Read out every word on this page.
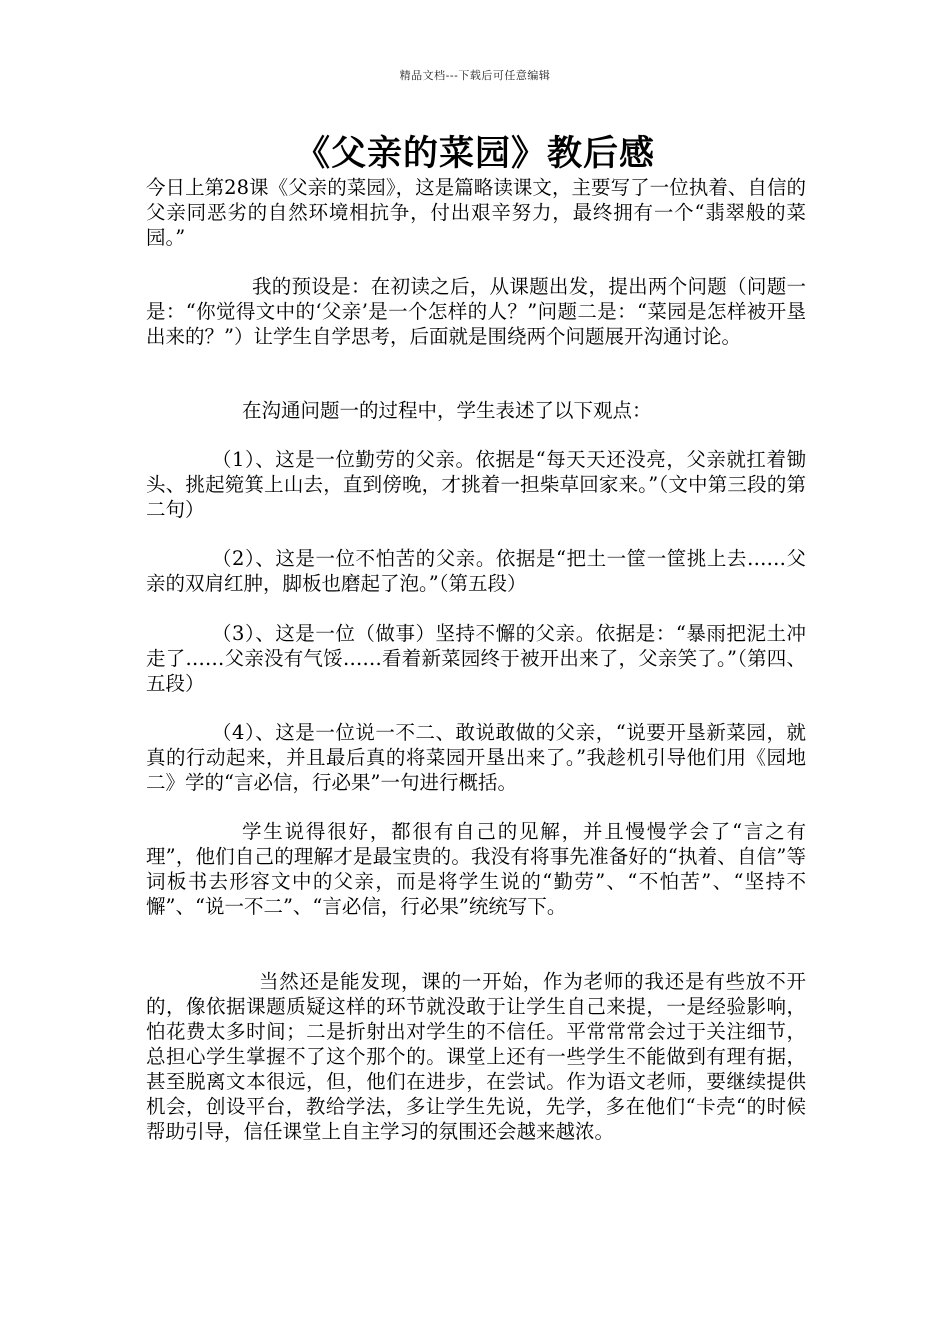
精品文档---下载后可任意编辑
《父亲的菜园》教后感

今日上第28课《父亲的菜园》，这是篇略读课文，主要写了一位执着、自信的父亲同恶劣的自然环境相抗争，付出艰辛努力，最终拥有一个“翡翠般的菜园。”

我的预设是：在初读之后，从课题出发，提出两个问题（问题一是：“你觉得文中的‘父亲’是一个怎样的人？”问题二是：“菜园是怎样被开垦出来的？”）让学生自学思考，后面就是围绕两个问题展开沟通讨论。

在沟通问题一的过程中，学生表述了以下观点：

（1）、这是一位勤劳的父亲。依据是“每天天还没亮，父亲就扛着锄头、挑起箢箕上山去，直到傍晚，才挑着一担柴草回家来。”（文中第三段的第二句）

（2）、这是一位不怕苦的父亲。依据是“把土一筐一筐挑上去……父亲的双肩红肿，脚板也磨起了泡。”（第五段）

（3）、这是一位（做事）坚持不懈的父亲。依据是：“暴雨把泥土冲走了……父亲没有气馁……看着新菜园终于被开出来了，父亲笑了。”（第四、五段）

（4）、这是一位说一不二、敢说敢做的父亲，“说要开垦新菜园，就真的行动起来，并且最后真的将菜园开垦出来了。”我趁机引导他们用《园地二》学的“言必信，行必果”一句进行概括。

学生说得很好，都很有自己的见解，并且慢慢学会了“言之有理”，他们自己的理解才是最宝贵的。我没有将事先准备好的“执着、自信”等词板书去形容文中的父亲，而是将学生说的“勤劳”、“不怕苦”、“坚持不懈”、“说一不二”、“言必信，行必果”统统写下。

当然还是能发现，课的一开始，作为老师的我还是有些放不开的，像依据课题质疑这样的环节就没敢于让学生自己来提，一是经验影响，怕花费太多时间；二是折射出对学生的不信任。平常常常会过于关注细节，总担心学生掌握不了这个那个的。课堂上还有一些学生不能做到有理有据，甚至脱离文本很远，但，他们在进步，在尝试。作为语文老师，要继续提供机会，创设平台，教给学法，多让学生先说，先学，多在他们“卡壳“的时候帮助引导，信任课堂上自主学习的氛围还会越来越浓。
